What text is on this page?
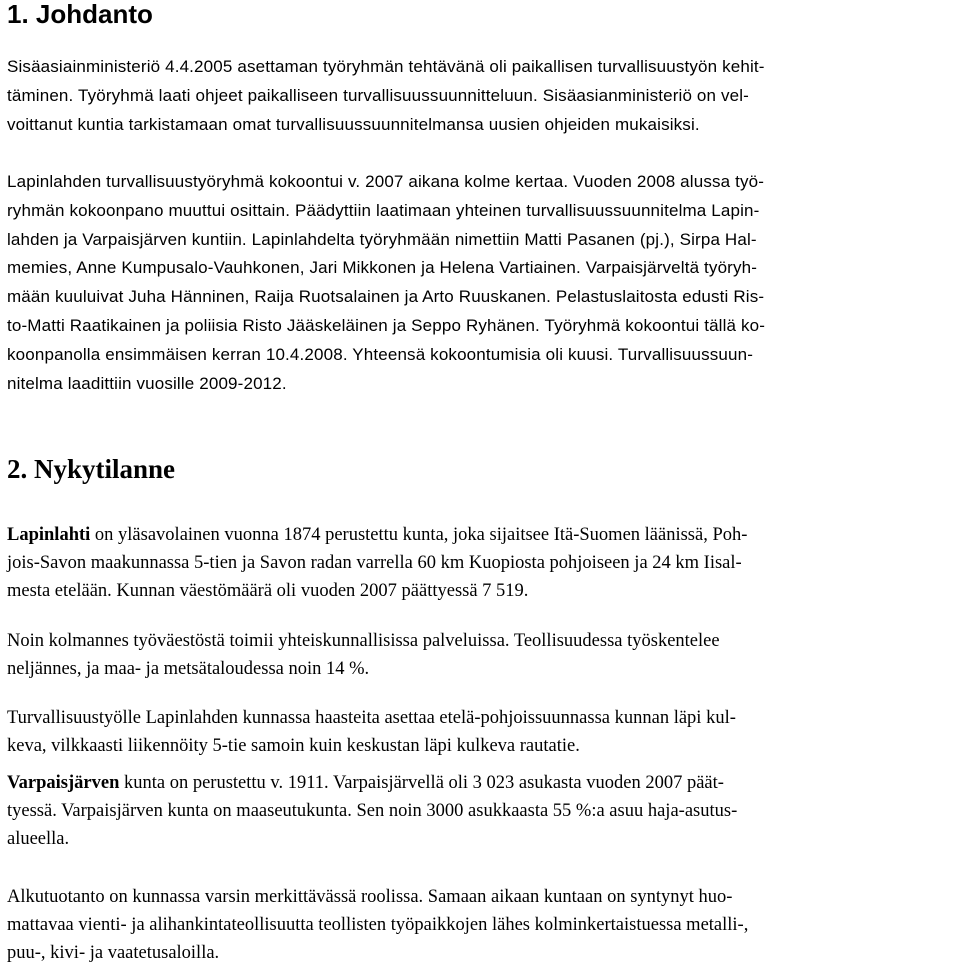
1. Johdanto

Sisäasiainministeriö 4.4.2005 asettaman työryhmän tehtävänä oli paikallisen turvallisuustyön kehit-
täminen. Työryhmä laati ohjeet paikalliseen turvallisuussuunnitteluun. Sisäasianministeriö on vel-
voittanut kuntia tarkistamaan omat turvallisuussuunnitelmansa uusien ohjeiden mukaisiksi.

Lapinlahden turvallisuustyöryhmä kokoontui v. 2007 aikana kolme kertaa. Vuoden 2008 alussa työ-
ryhmän kokoonpano muuttui osittain. Päädyttiin laatimaan yhteinen turvallisuussuunnitelma Lapin-
lahden ja Varpaisjärven kuntiin. Lapinlahdelta työryhmään nimettiin Matti Pasanen (pj.), Sirpa Hal-
memies, Anne Kumpusalo-Vauhkonen, Jari Mikkonen ja Helena Vartiainen. Varpaisjärveltä työryh-
mään kuuluivat Juha Hänninen, Raija Ruotsalainen ja Arto Ruuskanen. Pelastuslaitosta edusti Ris-
to-Matti Raatikainen ja poliisia Risto Jääskeläinen ja Seppo Ryhänen. Työryhmä kokoontui tällä ko-
koonpanolla ensimmäisen kerran 10.4.2008. Yhteensä kokoontumisia oli kuusi. Turvallisuussuun-
nitelma laadittiin vuosille 2009-2012.

2. Nykytilanne

Lapinlahti on yläsavolainen vuonna 1874 perustettu kunta, joka sijaitsee Itä-Suomen läänissä, Poh-
jois-Savon maakunnassa 5-tien ja Savon radan varrella 60 km Kuopiosta pohjoiseen ja 24 km Iisal-
mesta etelään. Kunnan väestömäärä oli vuoden 2007 päättyessä 7 519.

Noin kolmannes työväestöstä toimii yhteiskunnallisissa palveluissa. Teollisuudessa työskentelee
neljännes, ja maa- ja metsätaloudessa noin 14 %.

Turvallisuustyölle Lapinlahden kunnassa haasteita asettaa etelä-pohjoissuunnassa kunnan läpi kul-
keva, vilkkaasti liikennöity 5-tie samoin kuin keskustan läpi kulkeva rautatie.

Varpaisjärven kunta on perustettu v. 1911. Varpaisjärvellä oli 3 023 asukasta vuoden 2007 päät-
tyessä. Varpaisjärven kunta on maaseutukunta. Sen noin 3000 asukkaasta 55 %:a asuu haja-asutus-
alueella.

Alkutuotanto on kunnassa varsin merkittävässä roolissa. Samaan aikaan kuntaan on syntynyt huo-
mattavaa vienti- ja alihankintateollisuutta teollisten työpaikkojen lähes kolminkertaistuessa metalli-,
puu-, kivi- ja vaatetusaloilla.
